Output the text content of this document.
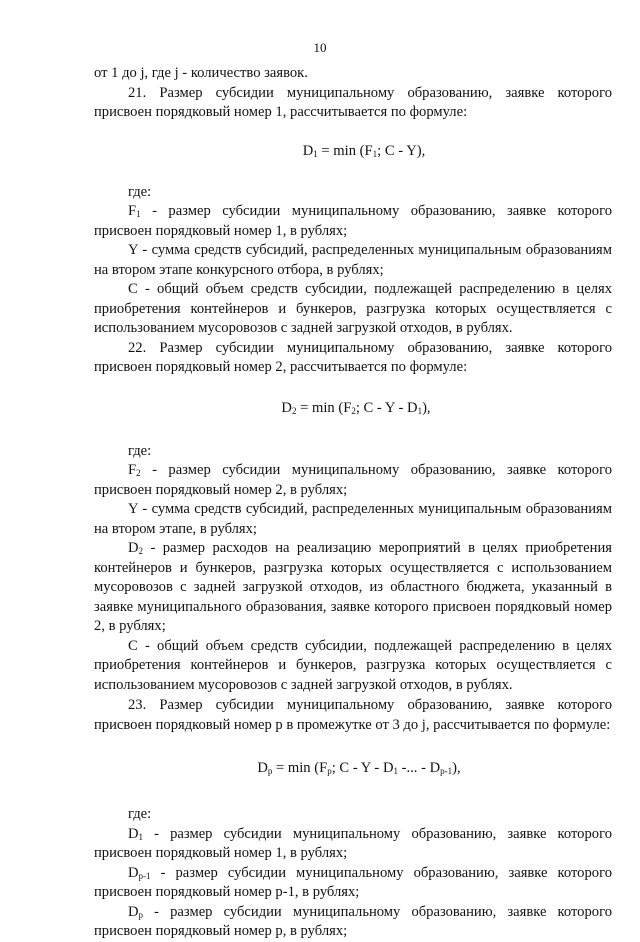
10

от 1 до j, где j - количество заявок.

21. Размер субсидии муниципальному образованию, заявке которого присвоен порядковый номер 1, рассчитывается по формуле:

$D_1 = \min (F_1$; C - Y),

где:

$F_1$ - размер субсидии муниципальному образованию, заявке которого присвоен порядковый номер 1, в рублях;

Y - сумма средств субсидий, распределенных муниципальным образованиям на втором этапе конкурсного отбора, в рублях;

C - общий объем средств субсидии, подлежащей распределению в целях приобретения контейнеров и бункеров, разгрузка которых осуществляется с использованием мусоровозов с задней загрузкой отходов, в рублях.

22. Размер субсидии муниципальному образованию, заявке которого присвоен порядковый номер 2, рассчитывается по формуле:

$D_2 = \min (F_2$; C - Y - $D_1$),

где:

$F_2$ - размер субсидии муниципальному образованию, заявке которого присвоен порядковый номер 2, в рублях;

Y - сумма средств субсидий, распределенных муниципальным образованиям на втором этапе, в рублях;

$D_2$ - размер расходов на реализацию мероприятий в целях приобретения контейнеров и бункеров, разгрузка которых осуществляется с использованием мусоровозов с задней загрузкой отходов, из областного бюджета, указанный в заявке муниципального образования, заявке которого присвоен порядковый номер 2, в рублях;

C - общий объем средств субсидии, подлежащей распределению в целях приобретения контейнеров и бункеров, разгрузка которых осуществляется с использованием мусоровозов с задней загрузкой отходов, в рублях.

23. Размер субсидии муниципальному образованию, заявке которого присвоен порядковый номер p в промежутке от 3 до j, рассчитывается по формуле:

$D_p = \min (F_p$; C - Y - $D_1$ -... - $D_{p-1}$),

где:

$D_1$ - размер субсидии муниципальному образованию, заявке которого присвоен порядковый номер 1, в рублях;

$D_{p-1}$ - размер субсидии муниципальному образованию, заявке которого присвоен порядковый номер p-1, в рублях;

$D_p$ - размер субсидии муниципальному образованию, заявке которого присвоен порядковый номер p, в рублях;
